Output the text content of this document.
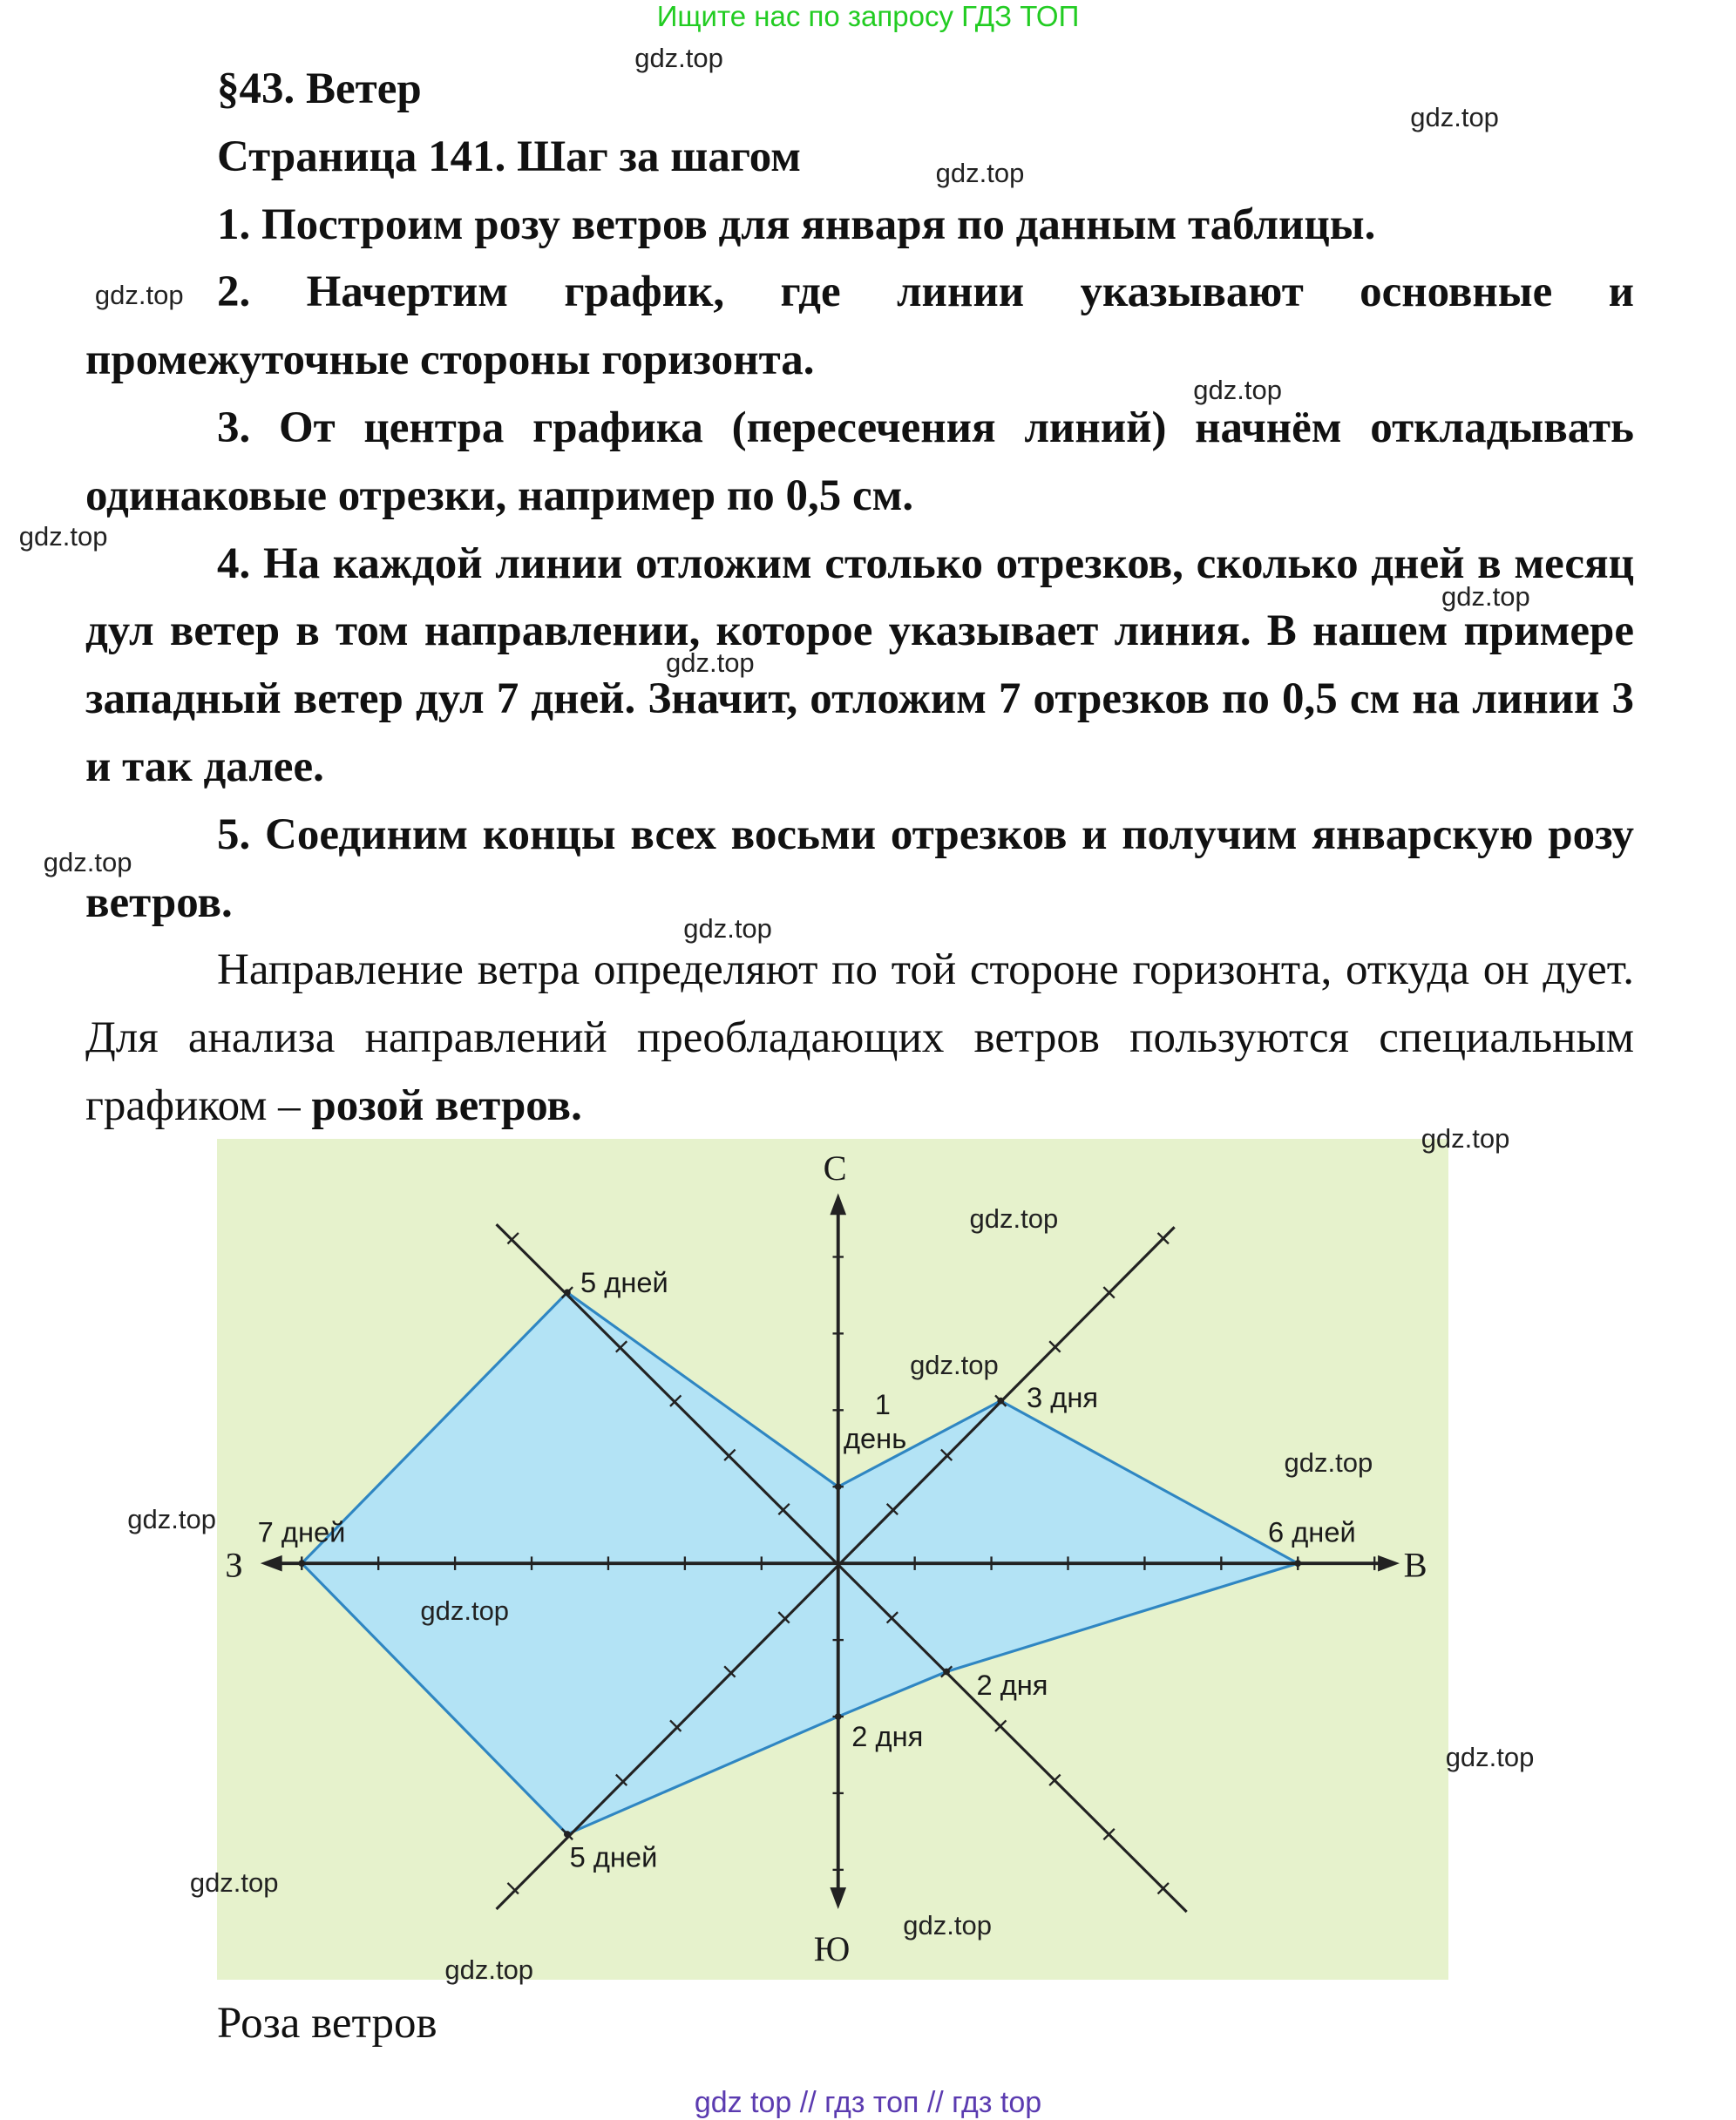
Ищите нас по запросу ГДЗ ТОП

§43. Ветер

Страница 141. Шаг за шагом

1. Построим розу ветров для января по данным таблицы.

2. Начертим график, где линии указывают основные и промежуточные стороны горизонта.

3. От центра графика (пересечения линий) начнём откладывать одинаковые отрезки, например по 0,5 см.

4. На каждой линии отложим столько отрезков, сколько дней в месяц дул ветер в том направлении, которое указывает линия. В нашем примере западный ветер дул 7 дней. Значит, отложим 7 отрезков по 0,5 см на линии 3 и так далее.

5. Соединим концы всех восьми отрезков и получим январскую розу ветров.

Направление ветра определяют по той стороне горизонта, откуда он дует. Для анализа направлений преобладающих ветров пользуются специальным графиком – розой ветров.

С
В
Ю
З
1
день
3 дня
6 дней
2 дня
2 дня
5 дней
7 дней
5 дней
Роза ветров
gdz top // гдз топ // гдз top
gdz.top
gdz.top
gdz.top
gdz.top
gdz.top
gdz.top
gdz.top
gdz.top
gdz.top
gdz.top
gdz.top
gdz.top
gdz.top
gdz.top
gdz.top
gdz.top
gdz.top
gdz.top
gdz.top
gdz.top
